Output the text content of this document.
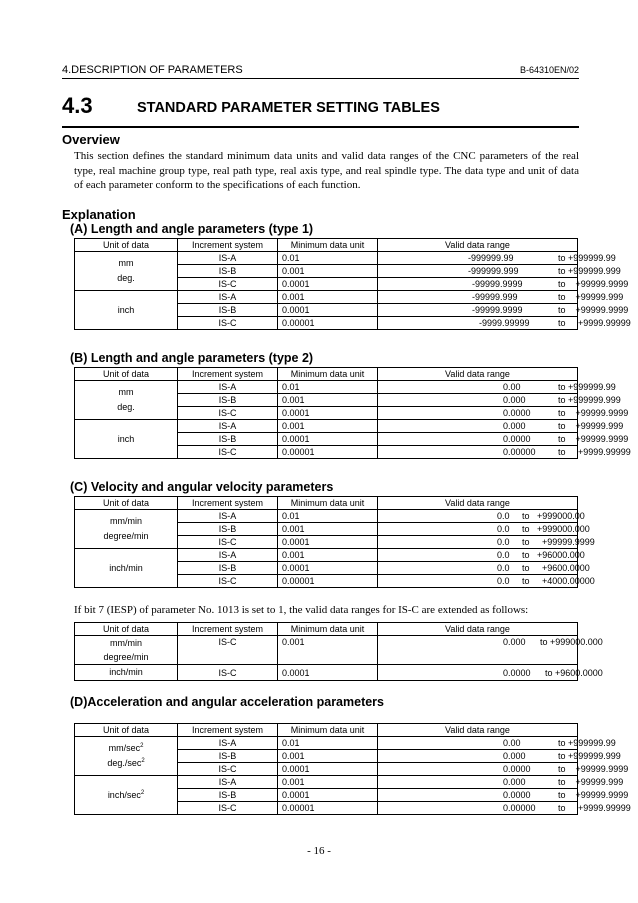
4.DESCRIPTION OF PARAMETERS	B-64310EN/02
4.3	STANDARD PARAMETER SETTING TABLES
Overview
This section defines the standard minimum data units and valid data ranges of the CNC parameters of the real type, real machine group type, real path type, real axis type, and real spindle type. The data type and unit of data of each parameter conform to the specifications of each function.
Explanation
(A) Length and angle parameters (type 1)
Unit of data	Increment system	Minimum data unit	Valid data range
mm
deg.	IS-A	0.01	-999999.99 to +999999.99

	IS-B	0.001	-999999.999 to +999999.999

	IS-C	0.0001	-99999.9999 to    +99999.9999

inch	IS-A	0.001	-99999.999 to    +99999.999

	IS-B	0.0001	-99999.9999 to    +99999.9999

	IS-C	0.00001	-9999.99999 to     +9999.99999
(B) Length and angle parameters (type 2)
Unit of data	Increment system	Minimum data unit	Valid data range
mm
deg.	IS-A	0.01	0.00 to +999999.99

	IS-B	0.001	0.000 to +999999.999

	IS-C	0.0001	0.0000 to    +99999.9999

inch	IS-A	0.001	0.000 to    +99999.999

	IS-B	0.0001	0.0000 to    +99999.9999

	IS-C	0.00001	0.00000 to     +9999.99999
(C) Velocity and angular velocity parameters
Unit of data	Increment system	Minimum data unit	Valid data range
mm/min
degree/min	IS-A	0.01	0.0 to   +999000.00

	IS-B	0.001	0.0 to   +999000.000

	IS-C	0.0001	0.0 to     +99999.9999

inch/min	IS-A	0.001	0.0 to   +96000.000

	IS-B	0.0001	0.0 to     +9600.0000

	IS-C	0.00001	0.0 to     +4000.00000
If bit 7 (IESP) of parameter No. 1013 is set to 1, the valid data ranges for IS-C are extended as follows:
Unit of data	Increment system	Minimum data unit	Valid data range
mm/min
degree/min	IS-C	0.001	0.000 to +999000.000

inch/min	IS-C	0.0001	0.0000 to +9600.0000
(D)Acceleration and angular acceleration parameters
Unit of data	Increment system	Minimum data unit	Valid data range
$mm/\sec^2$
$deg./\sec^2$	IS-A	0.01	0.00 to +999999.99

	IS-B	0.001	0.000 to +999999.999

	IS-C	0.0001	0.0000 to    +99999.9999

inch/$\sec^2$	IS-A	0.001	0.000 to    +99999.999

	IS-B	0.0001	0.0000 to    +99999.9999

	IS-C	0.00001	0.00000 to     +9999.99999
- 16 -
